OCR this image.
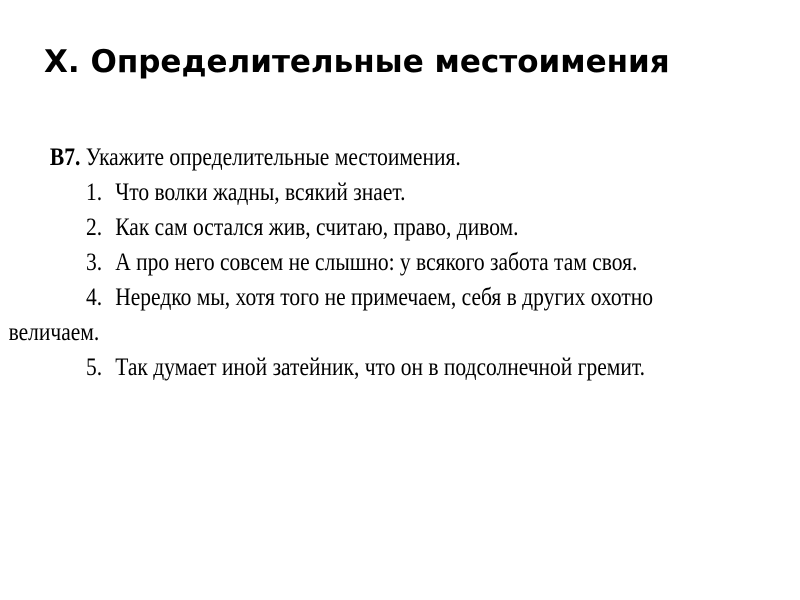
X. Определительные местоимения
B7. Укажите определительные местоимения.
1. Что волки жадны, всякий знает.
2. Как сам остался жив, считаю, право, дивом.
3. А про него совсем не слышно: у всякого забота там своя.
4. Нередко мы, хотя того не примечаем, себя в других охотно
величаем.
5. Так думает иной затейник, что он в подсолнечной гремит.
